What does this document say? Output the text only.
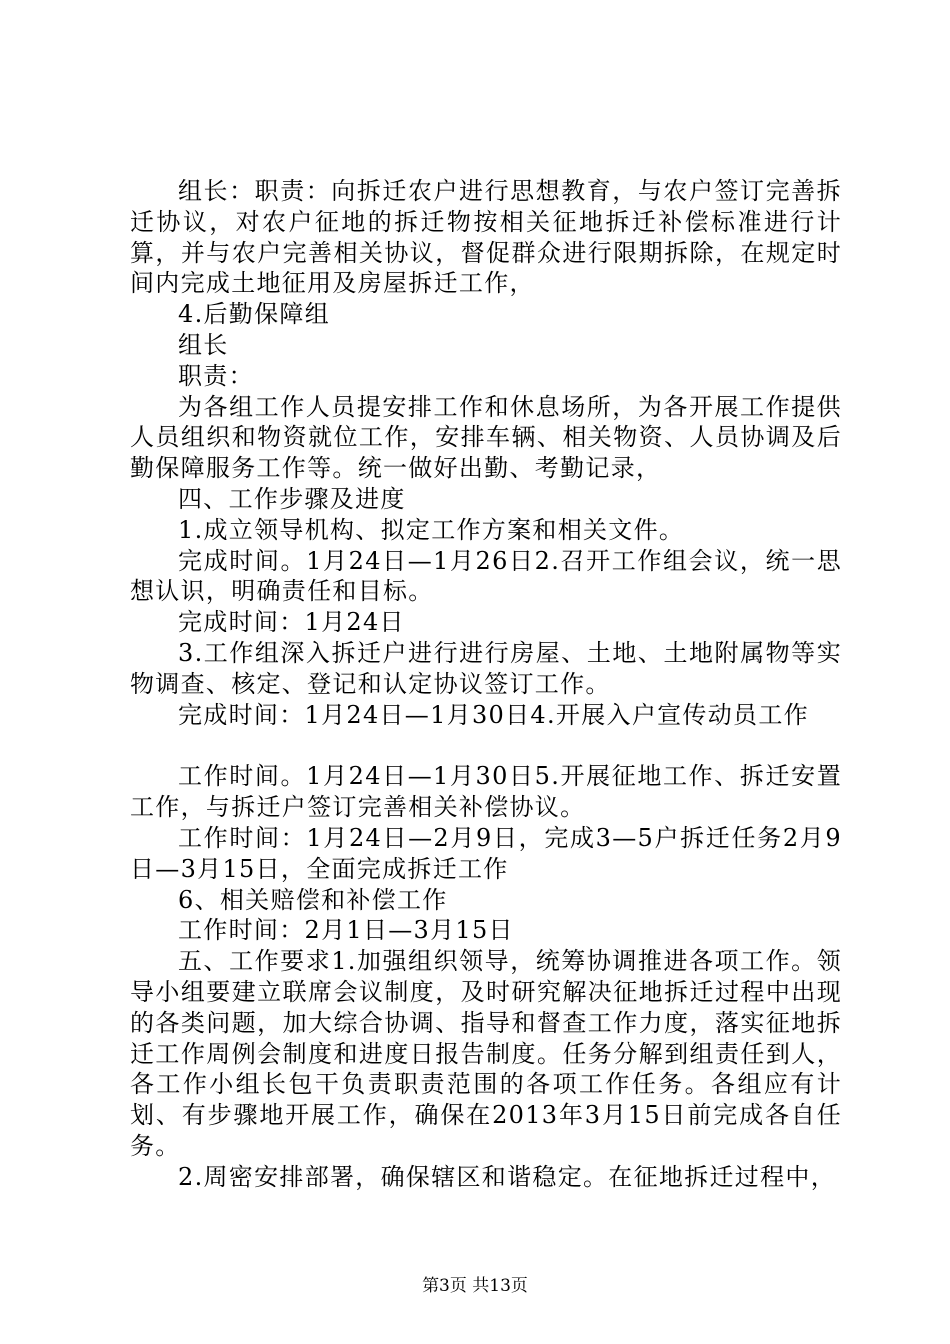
组长：职责：向拆迁农户进行思想教育，与农户签订完善拆迁协议，对农户征地的拆迁物按相关征地拆迁补偿标准进行计算，并与农户完善相关协议，督促群众进行限期拆除，在规定时间内完成土地征用及房屋拆迁工作，

4.后勤保障组

组长

职责：

为各组工作人员提安排工作和休息场所，为各开展工作提供人员组织和物资就位工作，安排车辆、相关物资、人员协调及后勤保障服务工作等。统一做好出勤、考勤记录，

四、工作步骤及进度

1.成立领导机构、拟定工作方案和相关文件。

完成时间。1月24日—1月26日2.召开工作组会议，统一思想认识，明确责任和目标。

完成时间：1月24日

3.工作组深入拆迁户进行进行房屋、土地、土地附属物等实物调查、核定、登记和认定协议签订工作。

完成时间：1月24日—1月30日4.开展入户宣传动员工作

工作时间。1月24日—1月30日5.开展征地工作、拆迁安置工作，与拆迁户签订完善相关补偿协议。

工作时间：1月24日—2月9日，完成3—5户拆迁任务2月9日—3月15日，全面完成拆迁工作

6、相关赔偿和补偿工作

工作时间：2月1日—3月15日

五、工作要求1.加强组织领导，统筹协调推进各项工作。领导小组要建立联席会议制度，及时研究解决征地拆迁过程中出现的各类问题，加大综合协调、指导和督查工作力度，落实征地拆迁工作周例会制度和进度日报告制度。任务分解到组责任到人，各工作小组长包干负责职责范围的各项工作任务。各组应有计划、有步骤地开展工作，确保在2013年3月15日前完成各自任务。

2.周密安排部署，确保辖区和谐稳定。在征地拆迁过程中，

第3页 共13页
